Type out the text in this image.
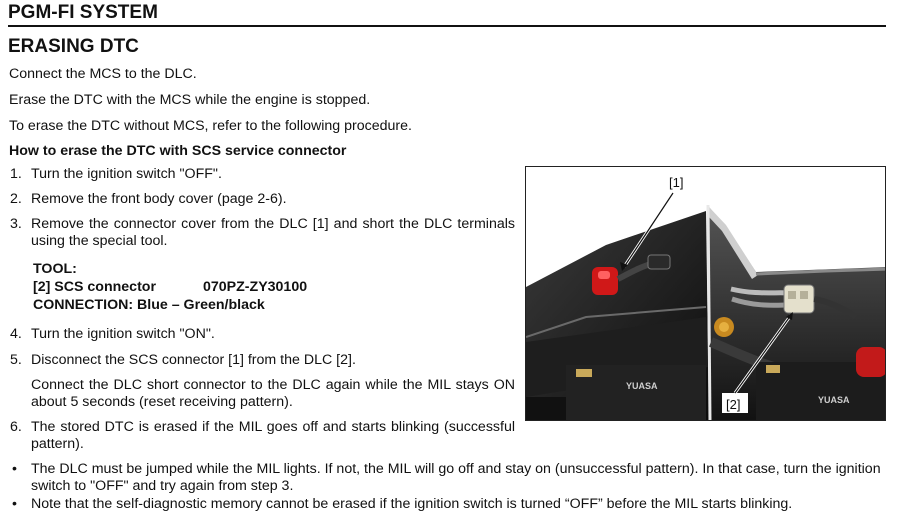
PGM-FI SYSTEM
ERASING DTC
Connect the MCS to the DLC.
Erase the DTC with the MCS while the engine is stopped.
To erase the DTC without MCS, refer to the following procedure.
How to erase the DTC with SCS service connector
1. Turn the ignition switch "OFF".
2. Remove the front body cover (page 2-6).
3. Remove the connector cover from the DLC [1] and short the DLC terminals using the special tool.
TOOL:
[2] SCS connector	070PZ-ZY30100
CONNECTION: Blue – Green/black
4. Turn the ignition switch "ON".
5. Disconnect the SCS connector [1] from the DLC [2].
Connect the DLC short connector to the DLC again while the MIL stays ON about 5 seconds (reset receiving pattern).
6. The stored DTC is erased if the MIL goes off and starts blinking (successful pattern).
• The DLC must be jumped while the MIL lights. If not, the MIL will go off and stay on (unsuccessful pattern). In that case, turn the ignition switch to "OFF" and try again from step 3.
• Note that the self-diagnostic memory cannot be erased if the ignition switch is turned “OFF” before the MIL starts blinking.
YUASA
YUASA
[1]
[2]
